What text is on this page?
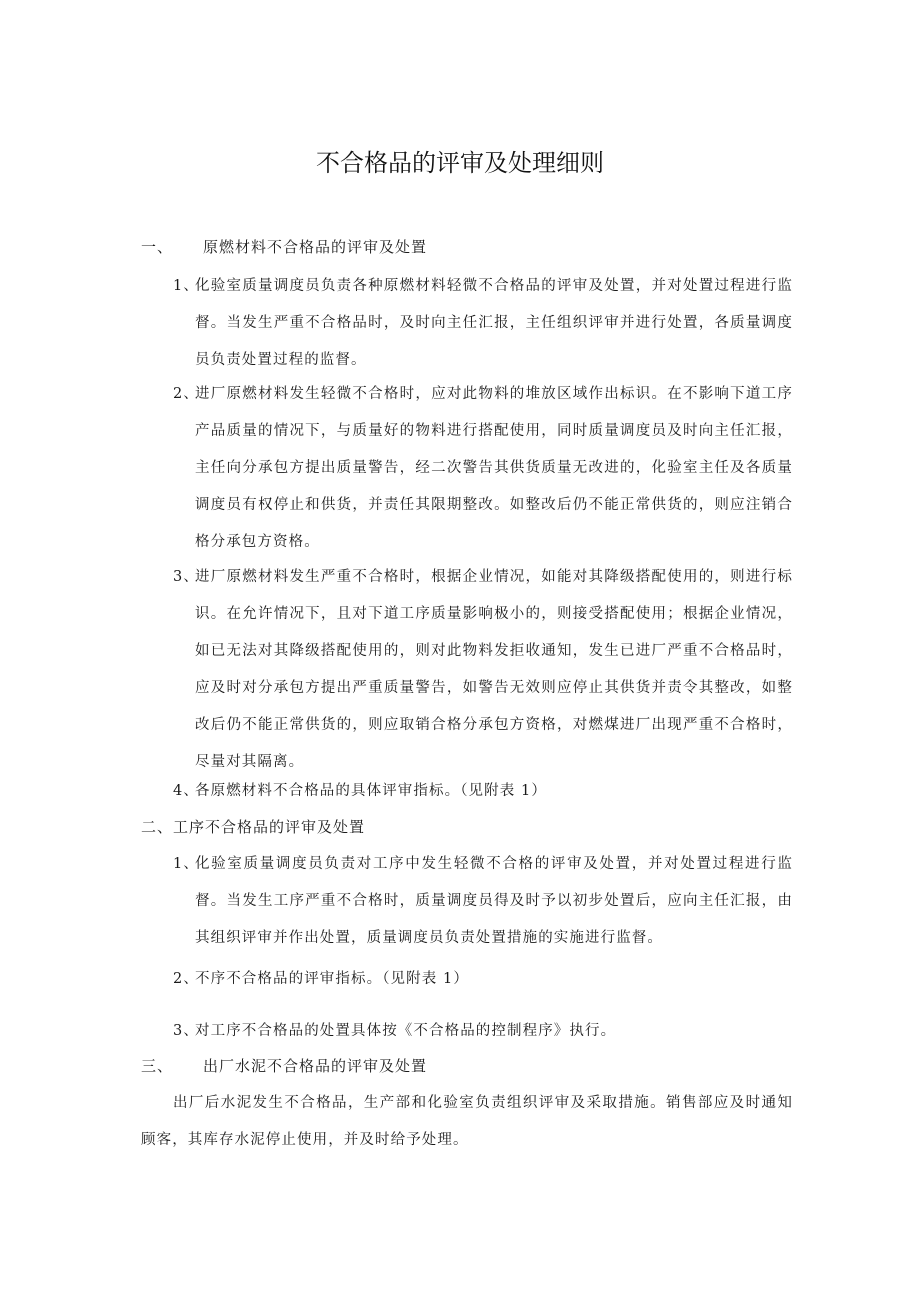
不合格品的评审及处理细则
一、 原燃材料不合格品的评审及处置
1、
化验室质量调度员负责各种原燃材料轻微不合格品的评审及处置，并对处置过程进行监督。当发生严重不合格品时，及时向主任汇报，主任组织评审并进行处置，各质量调度员负责处置过程的监督。
2、
进厂原燃材料发生轻微不合格时，应对此物料的堆放区域作出标识。在不影响下道工序产品质量的情况下，与质量好的物料进行搭配使用，同时质量调度员及时向主任汇报，主任向分承包方提出质量警告，经二次警告其供货质量无改进的，化验室主任及各质量调度员有权停止和供货，并责任其限期整改。如整改后仍不能正常供货的，则应注销合格分承包方资格。
3、
进厂原燃材料发生严重不合格时，根据企业情况，如能对其降级搭配使用的，则进行标识。在允许情况下，且对下道工序质量影响极小的，则接受搭配使用；根据企业情况，如已无法对其降级搭配使用的，则对此物料发拒收通知，发生已进厂严重不合格品时，应及时对分承包方提出严重质量警告，如警告无效则应停止其供货并责令其整改，如整改后仍不能正常供货的，则应取销合格分承包方资格，对燃煤进厂出现严重不合格时，尽量对其隔离。
4、
各原燃材料不合格品的具体评审指标。（见附表 1）
二、工序不合格品的评审及处置
1、
化验室质量调度员负责对工序中发生轻微不合格的评审及处置，并对处置过程进行监督。当发生工序严重不合格时，质量调度员得及时予以初步处置后，应向主任汇报，由其组织评审并作出处置，质量调度员负责处置措施的实施进行监督。
2、
不序不合格品的评审指标。（见附表 1）
3、
对工序不合格品的处置具体按《不合格品的控制程序》执行。
三、 出厂水泥不合格品的评审及处置
出厂后水泥发生不合格品，生产部和化验室负责组织评审及采取措施。销售部应及时通知顾客，其库存水泥停止使用，并及时给予处理。
